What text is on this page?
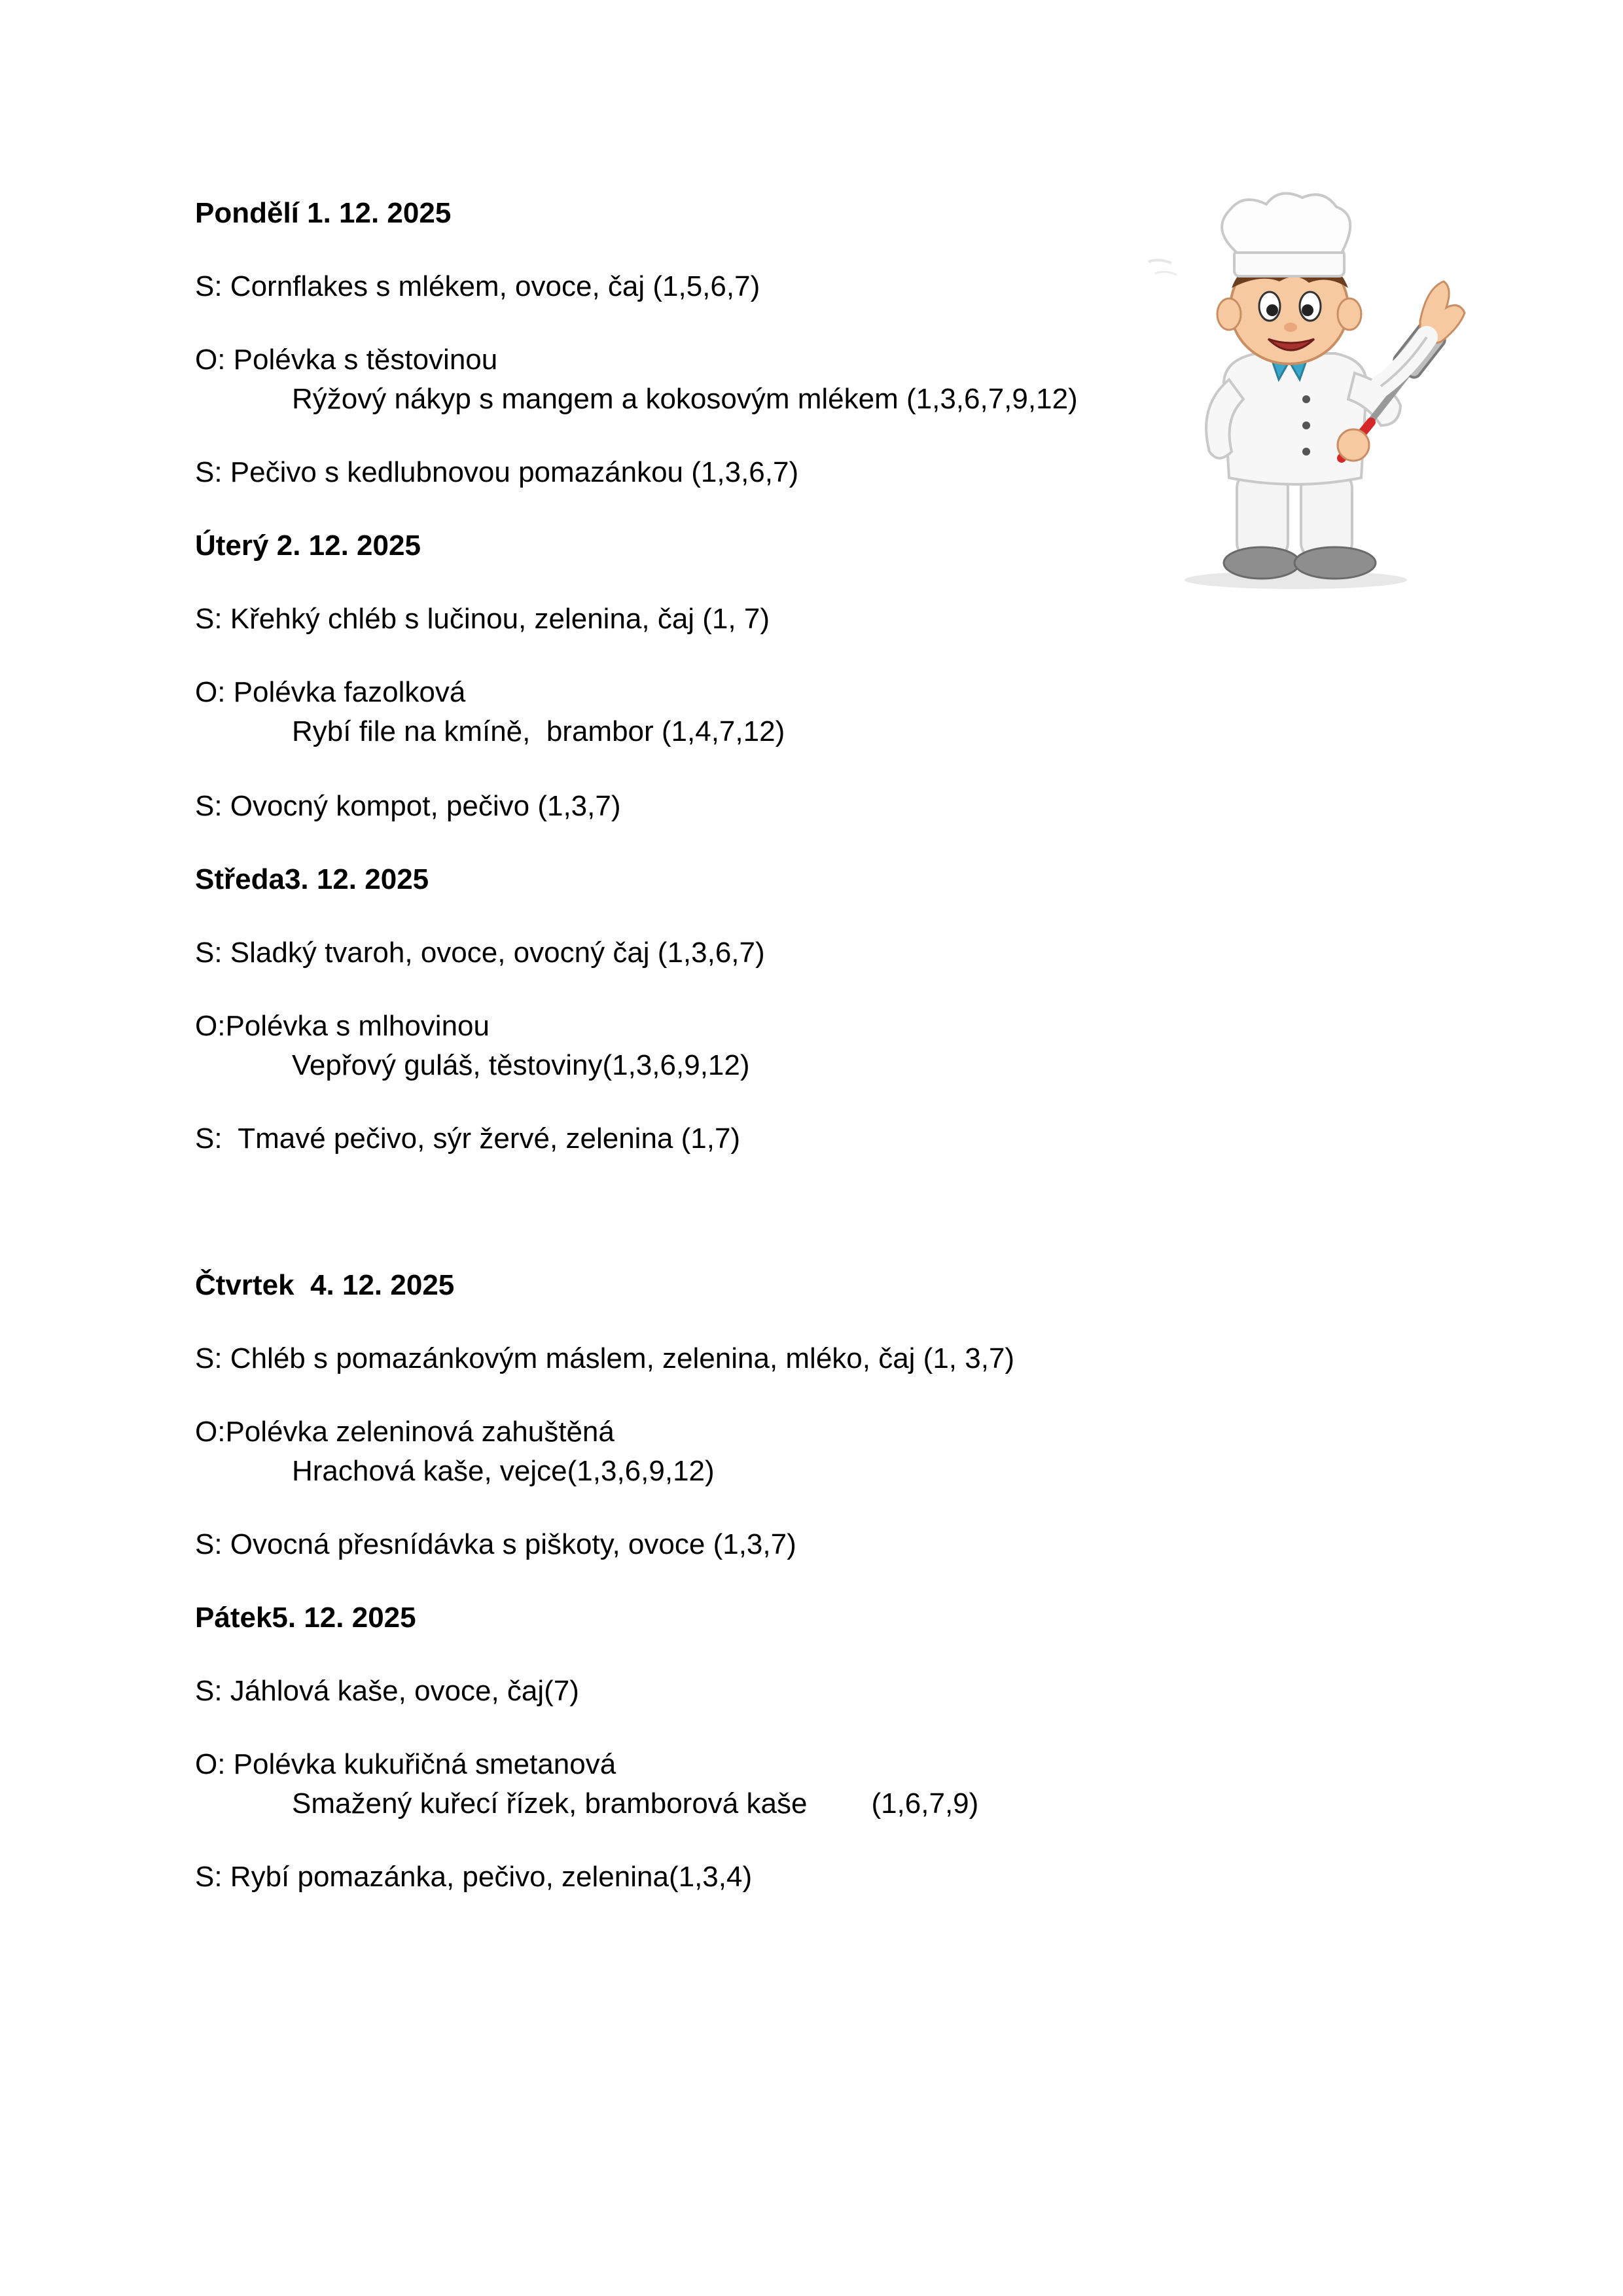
Pondělí 1. 12. 2025
S: Cornflakes s mlékem, ovoce, čaj (1,5,6,7)
O: Polévka s těstovinou
Rýžový nákyp s mangem a kokosovým mlékem (1,3,6,7,9,12)
S: Pečivo s kedlubnovou pomazánkou (1,3,6,7)
Úterý 2. 12. 2025
S: Křehký chléb s lučinou, zelenina, čaj (1, 7)
O: Polévka fazolková
Rybí file na kmíně,  brambor (1,4,7,12)
S: Ovocný kompot, pečivo (1,3,7)
Středa3. 12. 2025
S: Sladký tvaroh, ovoce, ovocný čaj (1,3,6,7)
O:Polévka s mlhovinou
Vepřový guláš, těstoviny(1,3,6,9,12)
S:  Tmavé pečivo, sýr žervé, zelenina (1,7)
Čtvrtek  4. 12. 2025
S: Chléb s pomazánkovým máslem, zelenina, mléko, čaj (1, 3,7)
O:Polévka zeleninová zahuštěná
Hrachová kaše, vejce(1,3,6,9,12)
S: Ovocná přesnídávka s piškoty, ovoce (1,3,7)
Pátek5. 12. 2025
S: Jáhlová kaše, ovoce, čaj(7)
O: Polévka kukuřičná smetanová
Smažený kuřecí řízek, bramborová kaše (1,6,7,9)
S: Rybí pomazánka, pečivo, zelenina(1,3,4)
